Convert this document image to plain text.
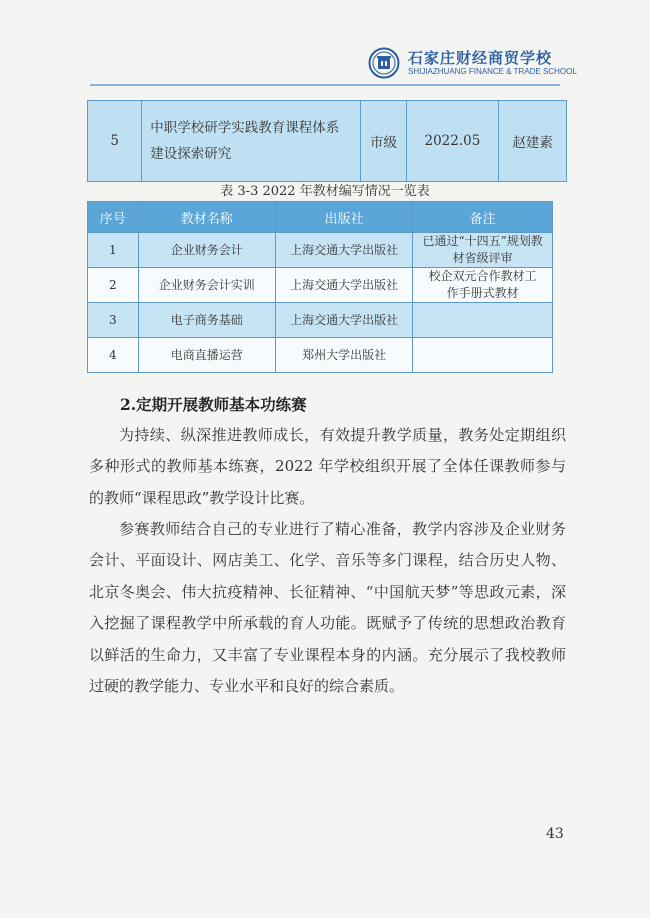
石家庄财经商贸学校
SHIJIAZHUANG FINANCE & TRADE SCHOOL
5	中职学校研学实践教育课程体系建设探索研究	市级	2022.05	赵建素
表 3-3 2022 年教材编写情况一览表
序号	教材名称	出版社	备注
1	企业财务会计	上海交通大学出版社	已通过“十四五”规划教材省级评审
2	企业财务会计实训	上海交通大学出版社	校企双元合作教材工作手册式教材
3	电子商务基础	上海交通大学出版社	
4	电商直播运营	郑州大学出版社	
2.定期开展教师基本功练赛
为持续、纵深推进教师成长，有效提升教学质量，教务处定期组织多种形式的教师基本练赛，2022 年学校组织开展了全体任课教师参与的教师“课程思政”教学设计比赛。
参赛教师结合自己的专业进行了精心准备，教学内容涉及企业财务会计、平面设计、网店美工、化学、音乐等多门课程，结合历史人物、北京冬奥会、伟大抗疫精神、长征精神、“中国航天梦”等思政元素，深入挖掘了课程教学中所承载的育人功能。既赋予了传统的思想政治教育以鲜活的生命力，又丰富了专业课程本身的内涵。充分展示了我校教师过硬的教学能力、专业水平和良好的综合素质。
43
